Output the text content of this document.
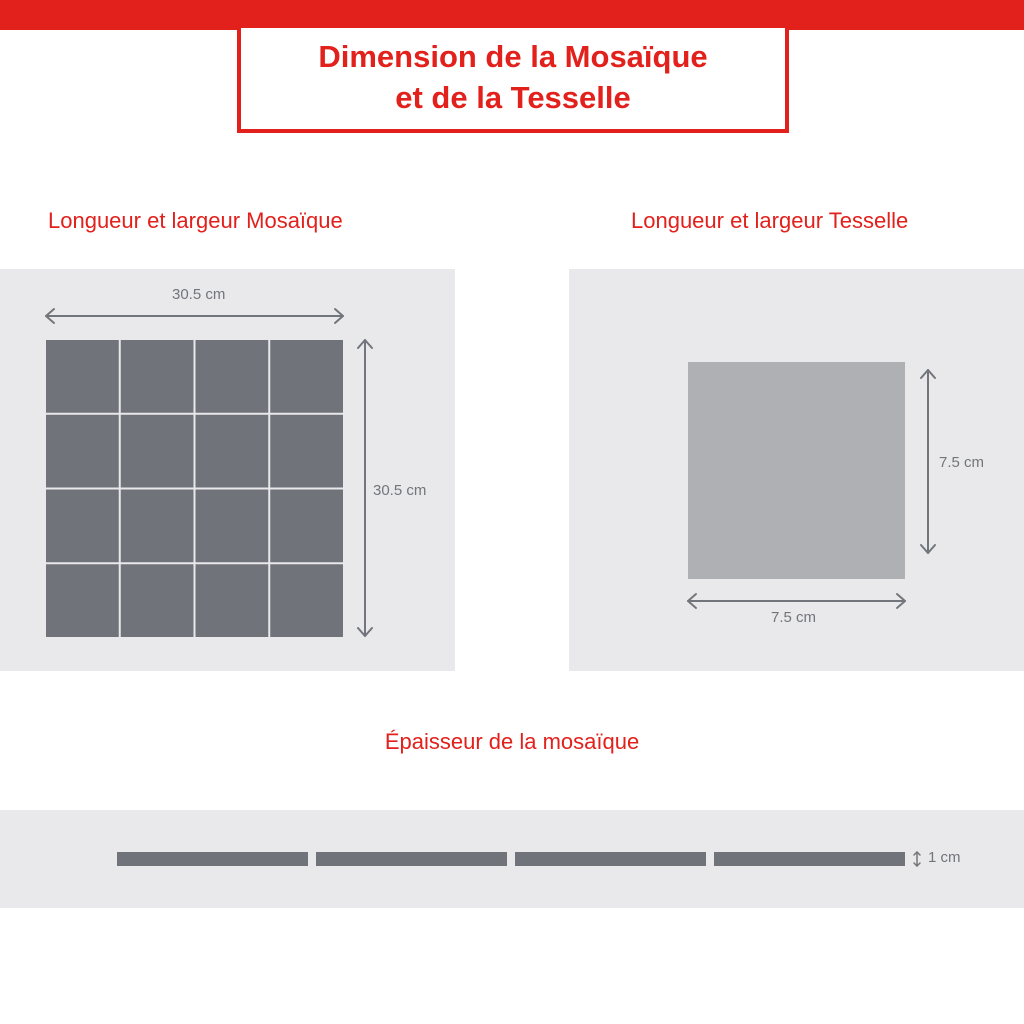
Dimension de la Mosaïque
et de la Tesselle
Longueur et largeur Mosaïque	Longueur et largeur Tesselle
30.5 cm
30.5 cm
7.5 cm
7.5 cm
Épaisseur de la mosaïque
1 cm
